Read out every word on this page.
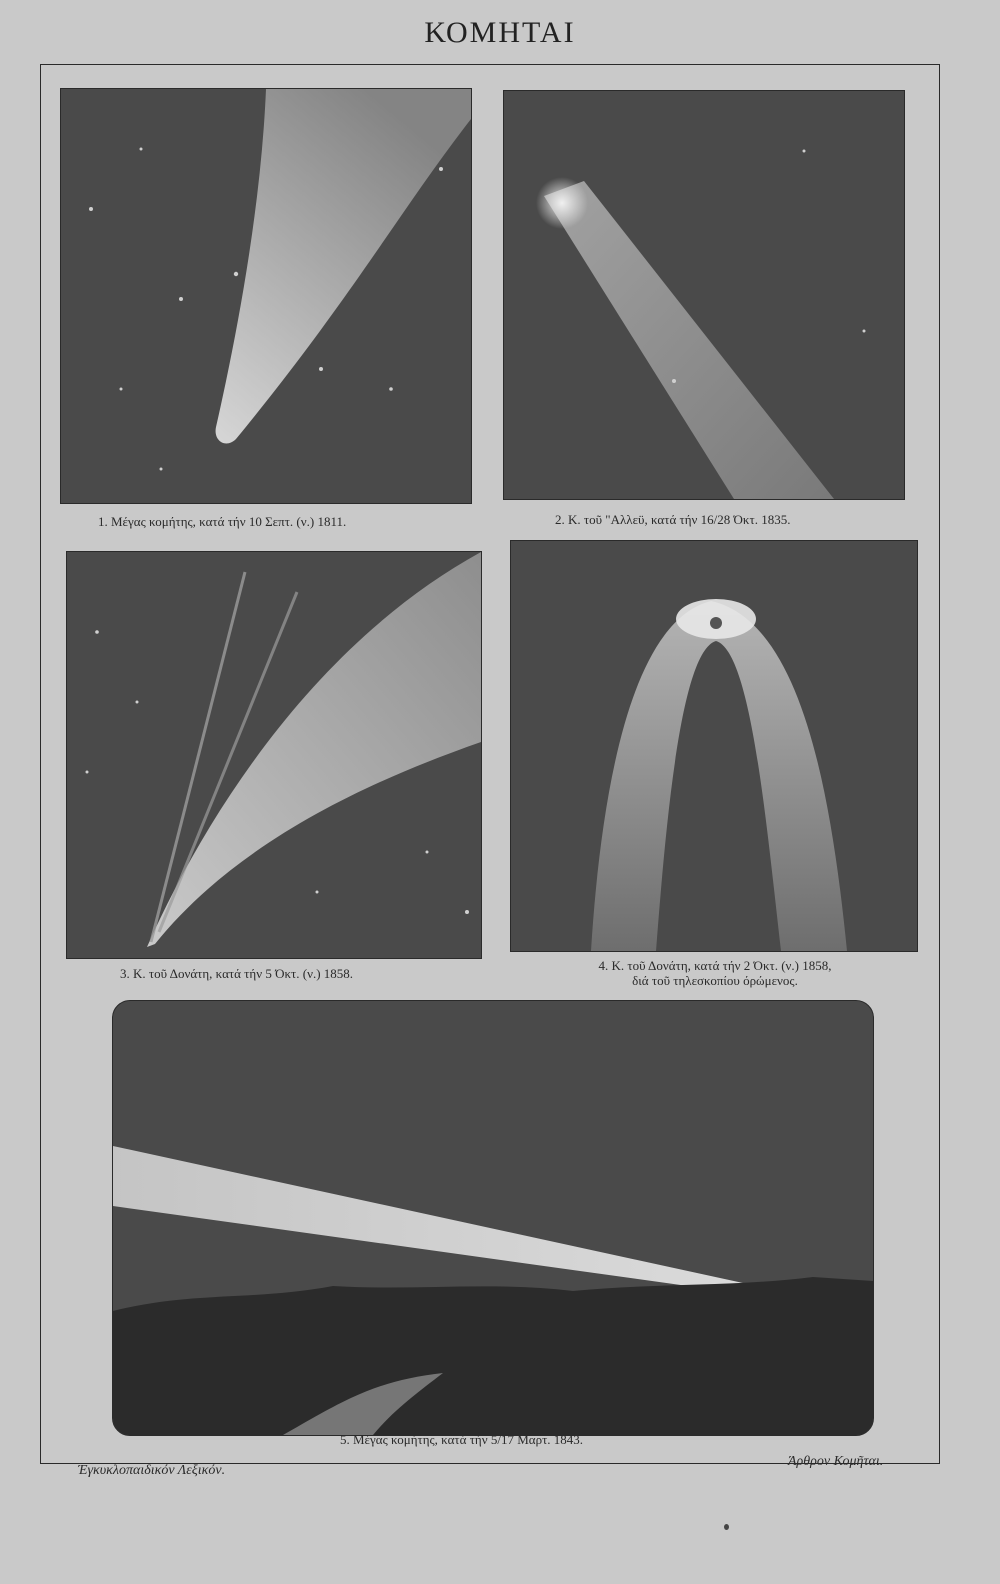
ΚΟΜΗΤΑΙ
1. Μέγας κομήτης, κατά τήν 10 Σεπτ. (ν.) 1811.	2. Κ. τοῦ "Αλλεϋ, κατά τήν 16/28 Όκτ. 1835.
3. Κ. τοῦ Δονάτη, κατά τήν 5 Όκτ. (ν.) 1858.
4. Κ. τοῦ Δονάτη, κατά τήν 2 Όκτ. (ν.) 1858,
διά τοῦ τηλεσκοπίου όρώμενος.
5. Μέγας κομήτης, κατά τήν 5/17 Μαρτ. 1843.
Έγκυκλοπαιδικόν Λεξικόν.
Άρθρον Κομῆται.
